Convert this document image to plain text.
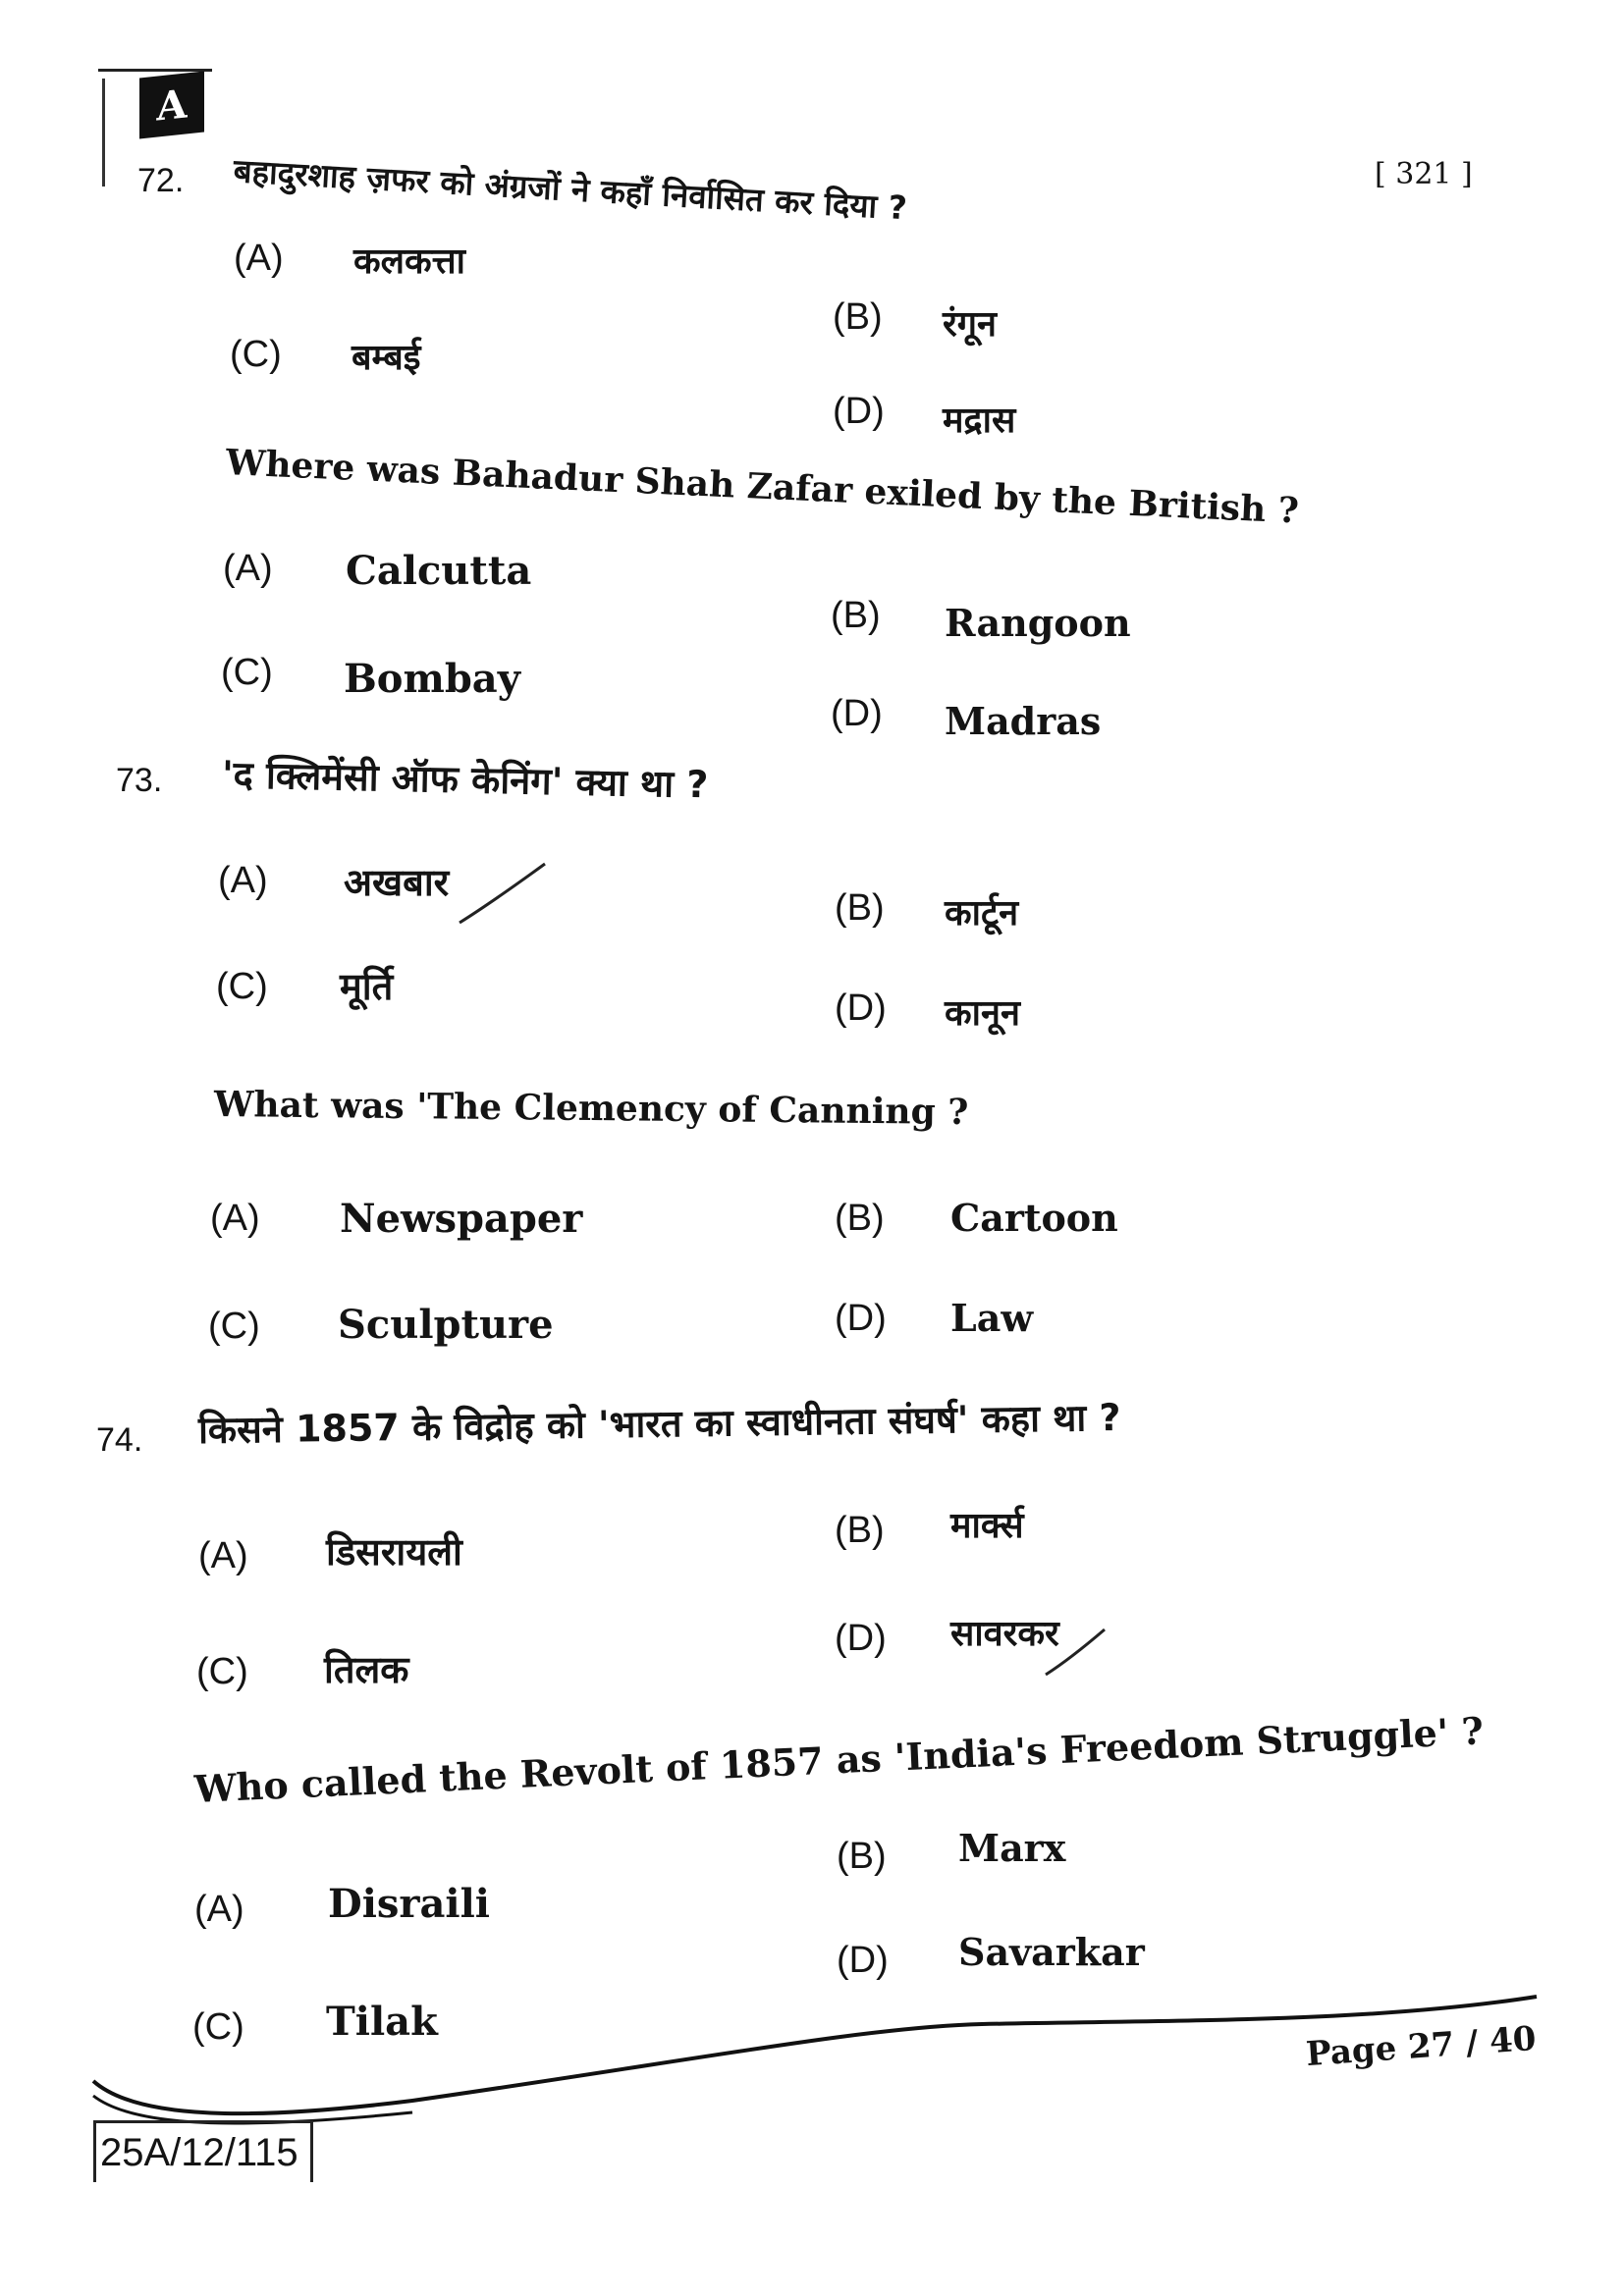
A
[ 321 ]
72. बहादुरशाह ज़फर को अंग्रजों ने कहाँ निर्वासित कर दिया ?
(A) कलकत्ता
(B) रंगून
(C) बम्बई
(D) मद्रास
Where was Bahadur Shah Zafar exiled by the British ?
(A) Calcutta
(B) Rangoon
(C) Bombay
(D) Madras
73. 'द क्लिमेंसी ऑफ केनिंग' क्या था ?
(A) अखबार
(B) कार्टून
(C) मूर्ति	(D) कानून
What was 'The Clemency of Canning ?
(A) Newspaper	(B) Cartoon
(C) Sculpture	(D) Law
74. किसने 1857 के विद्रोह को 'भारत का स्वाधीनता संघर्ष' कहा था ?
(A) डिसरायली	(B) मार्क्स
(C) तिलक
(D) सावरकर
Who called the Revolt of 1857 as 'India's Freedom Struggle' ?
(A) Disraili
(B) Marx
(C) Tilak
(D) Savarkar
Page 27 / 40
25A/12/115
